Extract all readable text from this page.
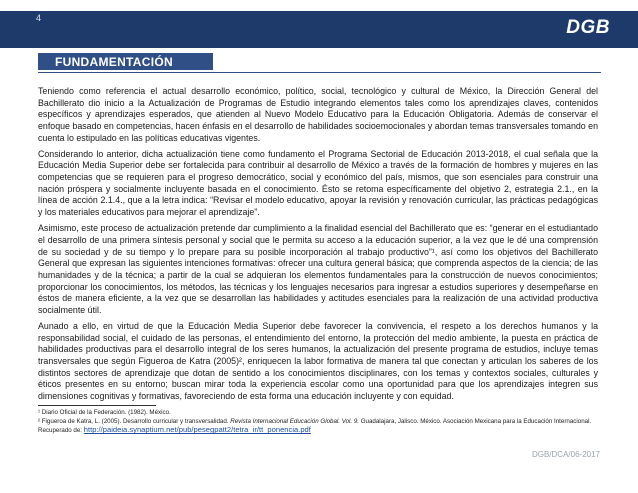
4	DGB
FUNDAMENTACIÓN

Teniendo como referencia el actual desarrollo económico, político, social, tecnológico y cultural de México, la Dirección General del Bachillerato dio inicio a la Actualización de Programas de Estudio integrando elementos tales como los aprendizajes claves, contenidos específicos y aprendizajes esperados, que atienden al Nuevo Modelo Educativo para la Educación Obligatoria. Además de conservar el enfoque basado en competencias, hacen énfasis en el desarrollo de habilidades socioemocionales y abordan temas transversales tomando en cuenta lo estipulado en las políticas educativas vigentes.

Considerando lo anterior, dicha actualización tiene como fundamento el Programa Sectorial de Educación 2013-2018, el cual señala que la Educación Media Superior debe ser fortalecida para contribuir al desarrollo de México a través de la formación de hombres y mujeres en las competencias que se requieren para el progreso democrático, social y económico del país, mismos, que son esenciales para construir una nación próspera y socialmente incluyente basada en el conocimiento. Ésto se retoma específicamente del objetivo 2, estrategia 2.1., en la línea de acción 2.1.4., que a la letra indica: “Revisar el modelo educativo, apoyar la revisión y renovación curricular, las prácticas pedagógicas y los materiales educativos para mejorar el aprendizaje”.

Asimismo, este proceso de actualización pretende dar cumplimiento a la finalidad esencial del Bachillerato que es: “generar en el estudiantado el desarrollo de una primera síntesis personal y social que le permita su acceso a la educación superior, a la vez que le dé una comprensión de su sociedad y de su tiempo y lo prepare para su posible incorporación al trabajo productivo”¹, así como los objetivos del Bachillerato General que expresan las siguientes intenciones formativas: ofrecer una cultura general básica; que comprenda aspectos de la ciencia; de las humanidades y de la técnica; a partir de la cual se adquieran los elementos fundamentales para la construcción de nuevos conocimientos; proporcionar los conocimientos, los métodos, las técnicas y los lenguajes necesarios para ingresar a estudios superiores y desempeñarse en éstos de manera eficiente, a la vez que se desarrollan las habilidades y actitudes esenciales para la realización de una actividad productiva socialmente útil.

Aunado a ello, en virtud de que la Educación Media Superior debe favorecer la convivencia, el respeto a los derechos humanos y la responsabilidad social, el cuidado de las personas, el entendimiento del entorno, la protección del medio ambiente, la puesta en práctica de habilidades productivas para el desarrollo integral de los seres humanos, la actualización del presente programa de estudios, incluye temas transversales que según Figueroa de Katra (2005)², enriquecen la labor formativa de manera tal que conectan y articulan los saberes de los distintos sectores de aprendizaje que dotan de sentido a los conocimientos disciplinares, con los temas y contextos sociales, culturales y éticos presentes en su entorno; buscan mirar toda la experiencia escolar como una oportunidad para que los aprendizajes integren sus dimensiones cognitivas y formativas, favoreciendo de esta forma una educación incluyente y con equidad.

¹ Diario Oficial de la Federación. (1982). México.

² Figueroa de Katra, L. (2005). Desarrollo curricular y transversalidad. Revista Internacional Educación Global. Vol. 9. Guadalajara, Jalisco. México. Asociación Mexicana para la Educación Internacional. Recuperado de: http://paideia.synaptium.net/pub/pesegpatt2/tetra_ir/tt_ponencia.pdf

DGB/DCA/06-2017
